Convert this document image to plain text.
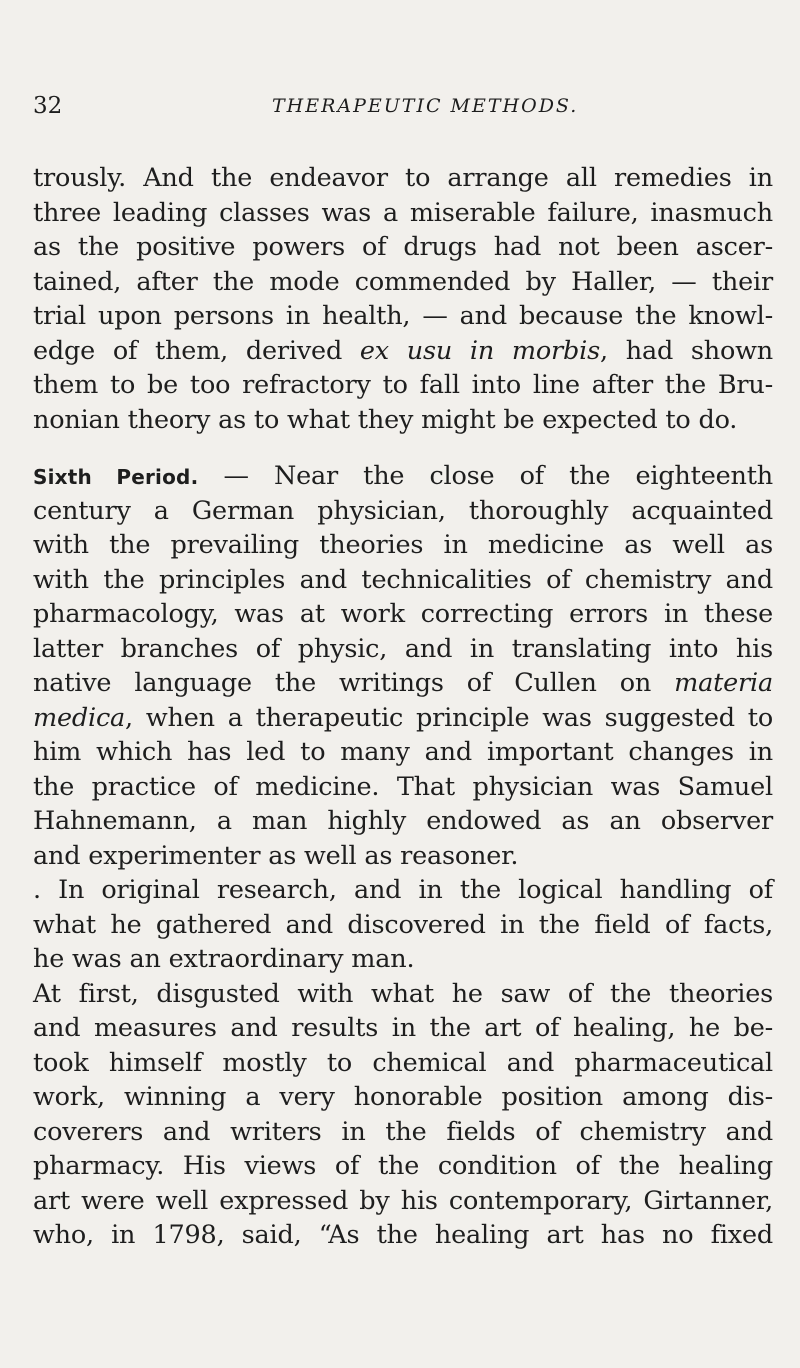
32	THERAPEUTIC METHODS.
trously. And the endeavor to arrange all remedies in
three leading classes was a miserable failure, inasmuch
as the positive powers of drugs had not been ascer-
tained, after the mode commended by Haller, — their
trial upon persons in health, — and because the knowl-
edge of them, derived ex usu in morbis, had shown
them to be too refractory to fall into line after the Bru-
nonian theory as to what they might be expected to do.
Sixth Period. — Near the close of the eighteenth
century a German physician, thoroughly acquainted
with the prevailing theories in medicine as well as
with the principles and technicalities of chemistry and
pharmacology, was at work correcting errors in these
latter branches of physic, and in translating into his
native language the writings of Cullen on materia
medica, when a therapeutic principle was suggested to
him which has led to many and important changes in
the practice of medicine. That physician was Samuel
Hahnemann, a man highly endowed as an observer
and experimenter as well as reasoner.
. In original research, and in the logical handling of
what he gathered and discovered in the field of facts,
he was an extraordinary man.
At first, disgusted with what he saw of the theories
and measures and results in the art of healing, he be-
took himself mostly to chemical and pharmaceutical
work, winning a very honorable position among dis-
coverers and writers in the fields of chemistry and
pharmacy. His views of the condition of the healing
art were well expressed by his contemporary, Girtanner,
who, in 1798, said, “As the healing art has no fixed
